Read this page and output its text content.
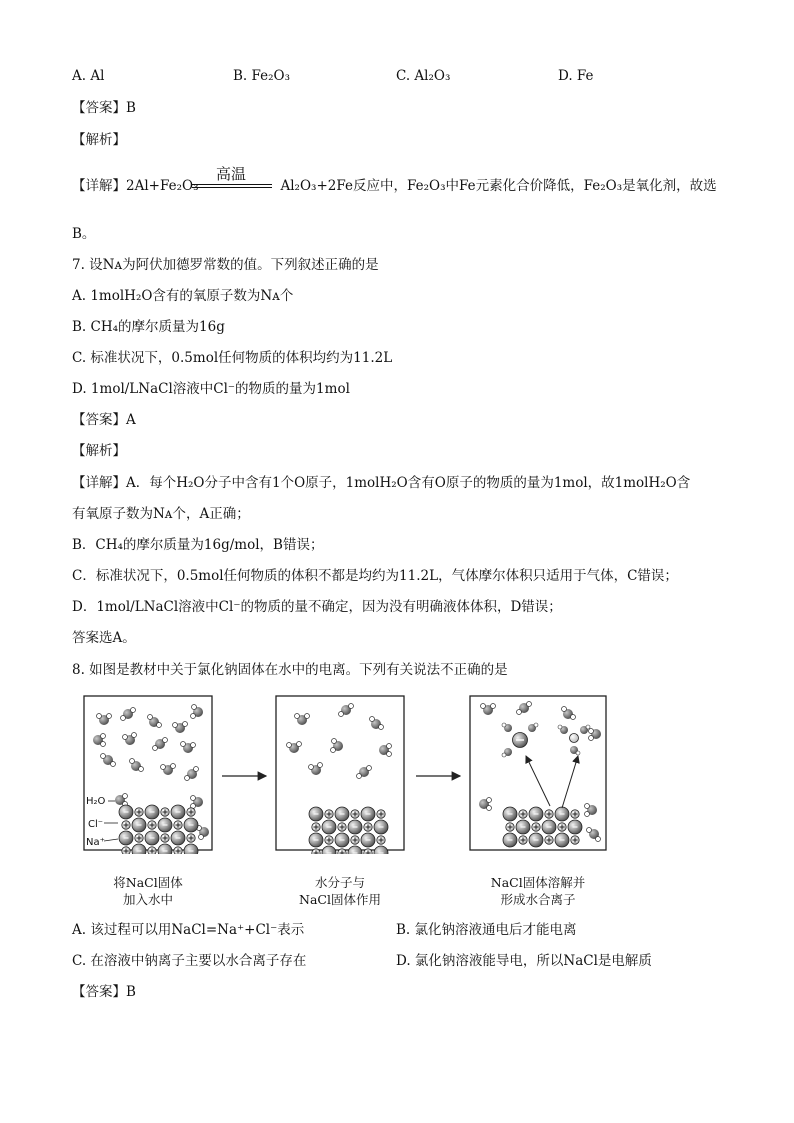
A. Al	B. Fe₂O₃	C. Al₂O₃	D. Fe
【答案】B
【解析】
【详解】2Al+Fe₂O₃	Al₂O₃+2Fe反应中，Fe₂O₃中Fe元素化合价降低，Fe₂O₃是氧化剂，故选
高温
B。
7. 设Nᴀ为阿伏加德罗常数的值。下列叙述正确的是
A. 1molH₂O含有的氧原子数为Nᴀ个
B. CH₄的摩尔质量为16g
C. 标准状况下，0.5mol任何物质的体积均约为11.2L
D. 1mol/LNaCl溶液中Cl⁻的物质的量为1mol
【答案】A
【解析】
【详解】A．每个H₂O分子中含有1个O原子，1molH₂O含有O原子的物质的量为1mol，故1molH₂O含
有氧原子数为Nᴀ个，A正确；
B．CH₄的摩尔质量为16g/mol，B错误；
C．标准状况下，0.5mol任何物质的体积不都是均约为11.2L，气体摩尔体积只适用于气体，C错误；
D．1mol/LNaCl溶液中Cl⁻的物质的量不确定，因为没有明确液体体积，D错误；
答案选A。
8. 如图是教材中关于氯化钠固体在水中的电离。下列有关说法不正确的是
H₂O
Cl⁻
Na⁺
将NaCl固体
加入水中
水分子与
NaCl固体作用
NaCl固体溶解并
形成水合离子
A. 该过程可以用NaCl=Na⁺+Cl⁻表示	B. 氯化钠溶液通电后才能电离
C. 在溶液中钠离子主要以水合离子存在	D. 氯化钠溶液能导电，所以NaCl是电解质
【答案】B
